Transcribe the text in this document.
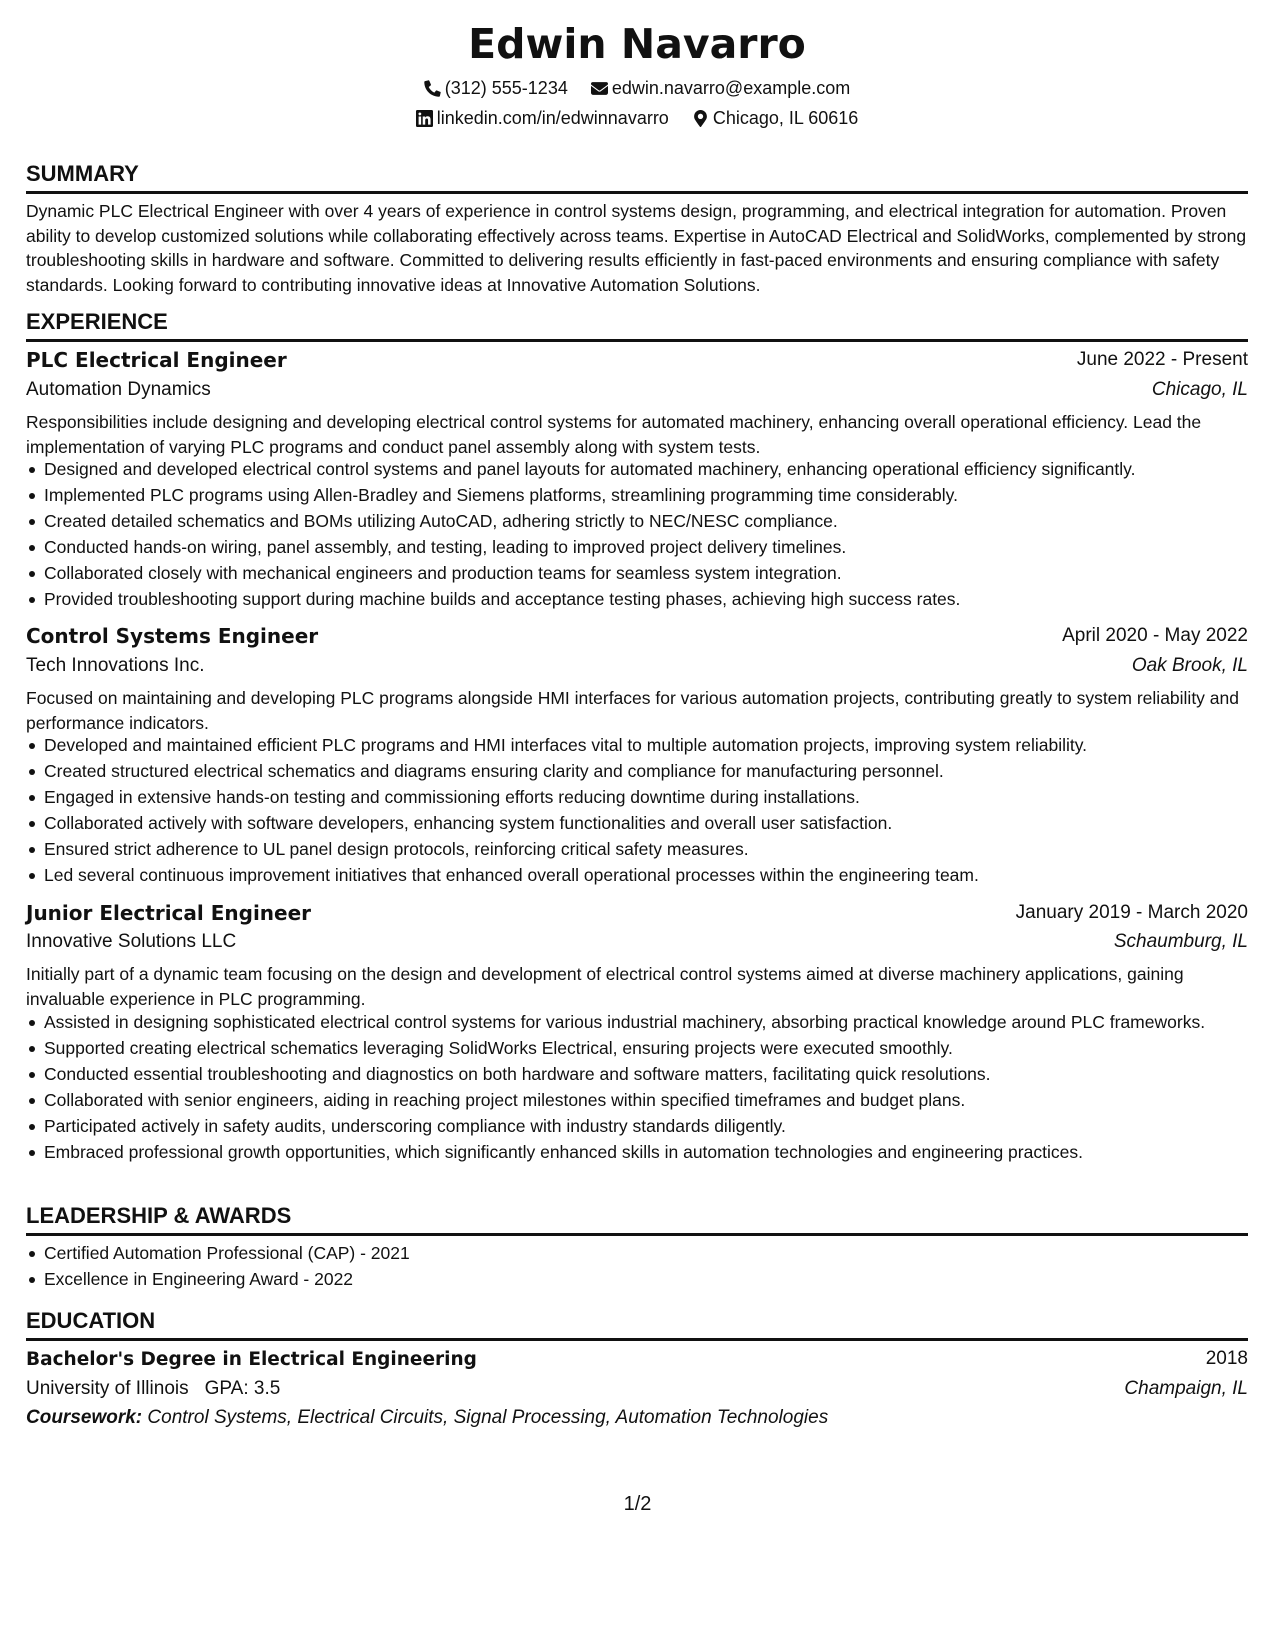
Edwin Navarro
(312) 555-1234
edwin.navarro@example.com
linkedin.com/in/edwinnavarro
Chicago, IL 60616
SUMMARY
Dynamic PLC Electrical Engineer with over 4 years of experience in control systems design, programming, and electrical integration for automation. Proven ability to develop customized solutions while collaborating effectively across teams. Expertise in AutoCAD Electrical and SolidWorks, complemented by strong troubleshooting skills in hardware and software. Committed to delivering results efficiently in fast-paced environments and ensuring compliance with safety standards. Looking forward to contributing innovative ideas at Innovative Automation Solutions.
EXPERIENCE
PLC Electrical Engineer	June 2022 - Present
Automation Dynamics	Chicago, IL
Responsibilities include designing and developing electrical control systems for automated machinery, enhancing overall operational efficiency. Lead the implementation of varying PLC programs and conduct panel assembly along with system tests.
Designed and developed electrical control systems and panel layouts for automated machinery, enhancing operational efficiency significantly.
Implemented PLC programs using Allen-Bradley and Siemens platforms, streamlining programming time considerably.
Created detailed schematics and BOMs utilizing AutoCAD, adhering strictly to NEC/NESC compliance.
Conducted hands-on wiring, panel assembly, and testing, leading to improved project delivery timelines.
Collaborated closely with mechanical engineers and production teams for seamless system integration.
Provided troubleshooting support during machine builds and acceptance testing phases, achieving high success rates.
Control Systems Engineer	April 2020 - May 2022
Tech Innovations Inc.	Oak Brook, IL
Focused on maintaining and developing PLC programs alongside HMI interfaces for various automation projects, contributing greatly to system reliability and performance indicators.
Developed and maintained efficient PLC programs and HMI interfaces vital to multiple automation projects, improving system reliability.
Created structured electrical schematics and diagrams ensuring clarity and compliance for manufacturing personnel.
Engaged in extensive hands-on testing and commissioning efforts reducing downtime during installations.
Collaborated actively with software developers, enhancing system functionalities and overall user satisfaction.
Ensured strict adherence to UL panel design protocols, reinforcing critical safety measures.
Led several continuous improvement initiatives that enhanced overall operational processes within the engineering team.
Junior Electrical Engineer	January 2019 - March 2020
Innovative Solutions LLC	Schaumburg, IL
Initially part of a dynamic team focusing on the design and development of electrical control systems aimed at diverse machinery applications, gaining invaluable experience in PLC programming.
Assisted in designing sophisticated electrical control systems for various industrial machinery, absorbing practical knowledge around PLC frameworks.
Supported creating electrical schematics leveraging SolidWorks Electrical, ensuring projects were executed smoothly.
Conducted essential troubleshooting and diagnostics on both hardware and software matters, facilitating quick resolutions.
Collaborated with senior engineers, aiding in reaching project milestones within specified timeframes and budget plans.
Participated actively in safety audits, underscoring compliance with industry standards diligently.
Embraced professional growth opportunities, which significantly enhanced skills in automation technologies and engineering practices.
LEADERSHIP & AWARDS
Certified Automation Professional (CAP) - 2021
Excellence in Engineering Award - 2022
EDUCATION
Bachelor's Degree in Electrical Engineering	2018
University of Illinois GPA: 3.5	Champaign, IL
Coursework: Control Systems, Electrical Circuits, Signal Processing, Automation Technologies
1/2
